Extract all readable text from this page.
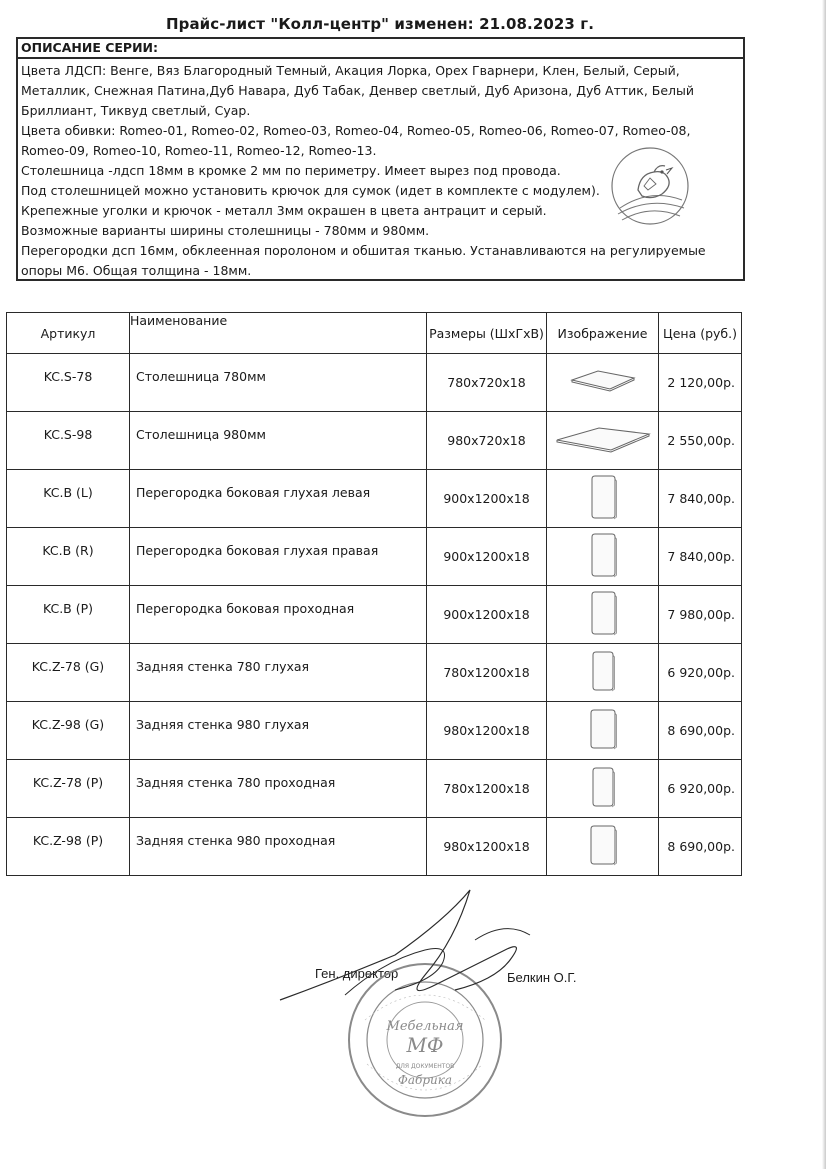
Прайс-лист "Колл-центр" изменен: 21.08.2023 г.
ОПИСАНИЕ СЕРИИ:

Цвета ЛДСП: Венге, Вяз Благородный Темный, Акация Лорка, Орех Гварнери, Клен, Белый, Серый, Металлик, Снежная Патина,Дуб Навара, Дуб Табак, Денвер светлый, Дуб Аризона, Дуб Аттик, Белый Бриллиант, Тиквуд светлый, Суар.

Цвета обивки: Romeo-01, Romeo-02, Romeo-03, Romeo-04, Romeo-05, Romeo-06, Romeo-07, Romeo-08, Romeo-09, Romeo-10, Romeo-11, Romeo-12, Romeo-13.

Столешница -лдсп 18мм в кромке 2 мм по периметру. Имеет вырез под провода.

Под столешницей можно установить крючок для сумок (идет в комплекте с модулем).

Крепежные уголки и крючок - металл 3мм окрашен в цвета антрацит и серый.

Возможные варианты ширины столешницы - 780мм и 980мм.

Перегородки дсп 16мм, обклеенная поролоном и обшитая тканью. Устанавливаются на регулируемые опоры М6. Общая толщина - 18мм.

Артикул	Наименование	Размеры (ШхГхВ)	Изображение	Цена (руб.)

KC.S-78	Столешница 780мм	780х720х18		2 120,00р.

KC.S-98	Столешница 980мм	980х720х18		2 550,00р.

KC.B (L)	Перегородка боковая глухая левая	900х1200х18		7 840,00р.

KC.B (R)	Перегородка боковая глухая правая	900х1200х18		7 840,00р.

KC.B (P)	Перегородка боковая проходная	900х1200х18		7 980,00р.

KC.Z-78 (G)	Задняя стенка 780 глухая	780х1200х18		6 920,00р.

KC.Z-98 (G)	Задняя стенка 980 глухая	980х1200х18		8 690,00р.

KC.Z-78 (P)	Задняя стенка 780 проходная	780х1200х18		6 920,00р.

KC.Z-98 (P)	Задняя стенка 980 проходная	980х1200х18		8 690,00р.
Ген. директор	Белкин О.Г.
Мебельная
МФ
ДЛЯ ДОКУМЕНТОВ
Фабрика
